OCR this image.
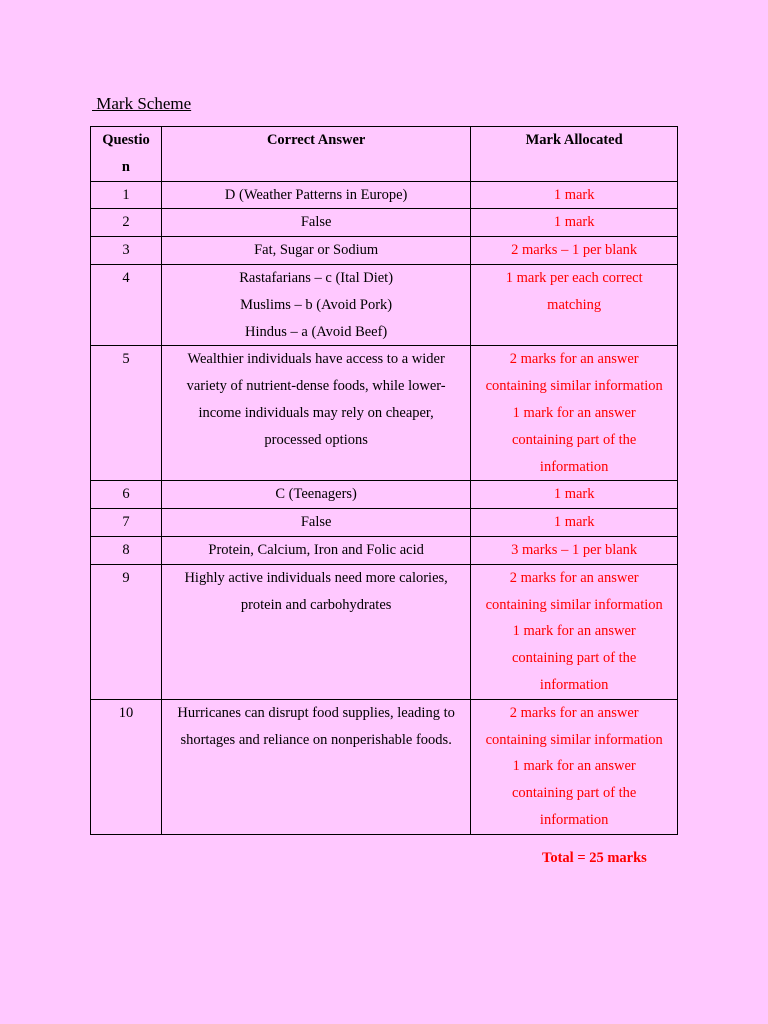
Mark Scheme
Questio
n	Correct Answer	Mark Allocated
1	D (Weather Patterns in Europe)	1 mark

2	False	1 mark

3	Fat, Sugar or Sodium	2 marks – 1 per blank

4	Rastafarians – c (Ital Diet)
Muslims – b (Avoid Pork)
Hindus – a (Avoid Beef)	1 mark per each correct
matching

5	Wealthier individuals have access to a wider
variety of nutrient-dense foods, while lower-
income individuals may rely on cheaper,
processed options	2 marks for an answer
containing similar information
1 mark for an answer
containing part of the
information

6	C (Teenagers)	1 mark

7	False	1 mark

8	Protein, Calcium, Iron and Folic acid	3 marks – 1 per blank

9	Highly active individuals need more calories,
protein and carbohydrates	2 marks for an answer
containing similar information
1 mark for an answer
containing part of the
information

10	Hurricanes can disrupt food supplies, leading to
shortages and reliance on nonperishable foods.	2 marks for an answer
containing similar information
1 mark for an answer
containing part of the
information
Total = 25 marks
